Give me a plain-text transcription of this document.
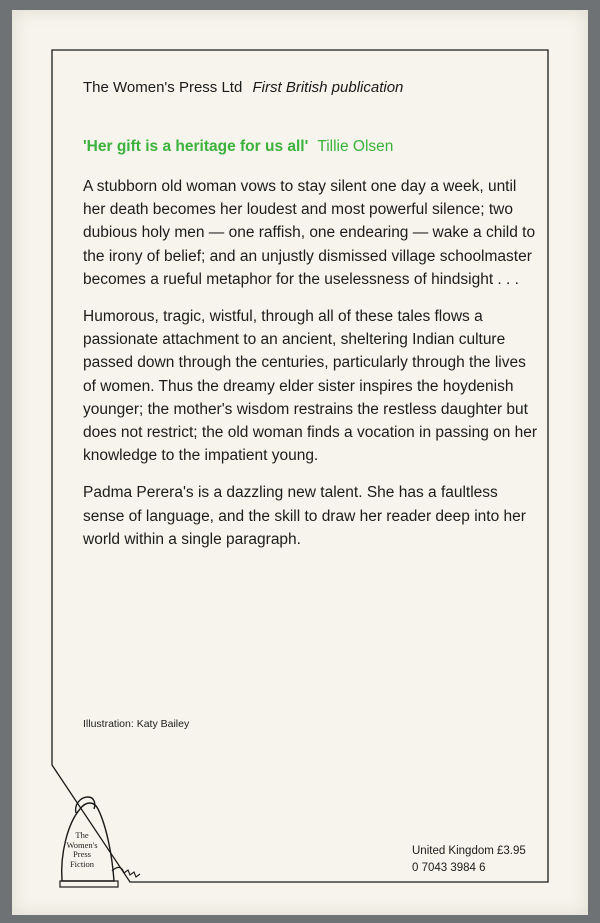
The Women's Press Ltd First British publication
'Her gift is a heritage for us all' Tillie Olsen

A stubborn old woman vows to stay silent one day a week, until her death becomes her loudest and most powerful silence; two dubious holy men — one raffish, one endearing — wake a child to the irony of belief; and an unjustly dismissed village schoolmaster becomes a rueful metaphor for the uselessness of hindsight . . .

Humorous, tragic, wistful, through all of these tales flows a passionate attachment to an ancient, sheltering Indian culture passed down through the centuries, particularly through the lives of women. Thus the dreamy elder sister inspires the hoydenish younger; the mother's wisdom restrains the restless daughter but does not restrict; the old woman finds a vocation in passing on her knowledge to the impatient young.

Padma Perera's is a dazzling new talent. She has a faultless sense of language, and the skill to draw her reader deep into her world within a single paragraph.

Illustration: Katy Bailey
The
Women's
Press
Fiction
United Kingdom £3.95
0 7043 3984 6
